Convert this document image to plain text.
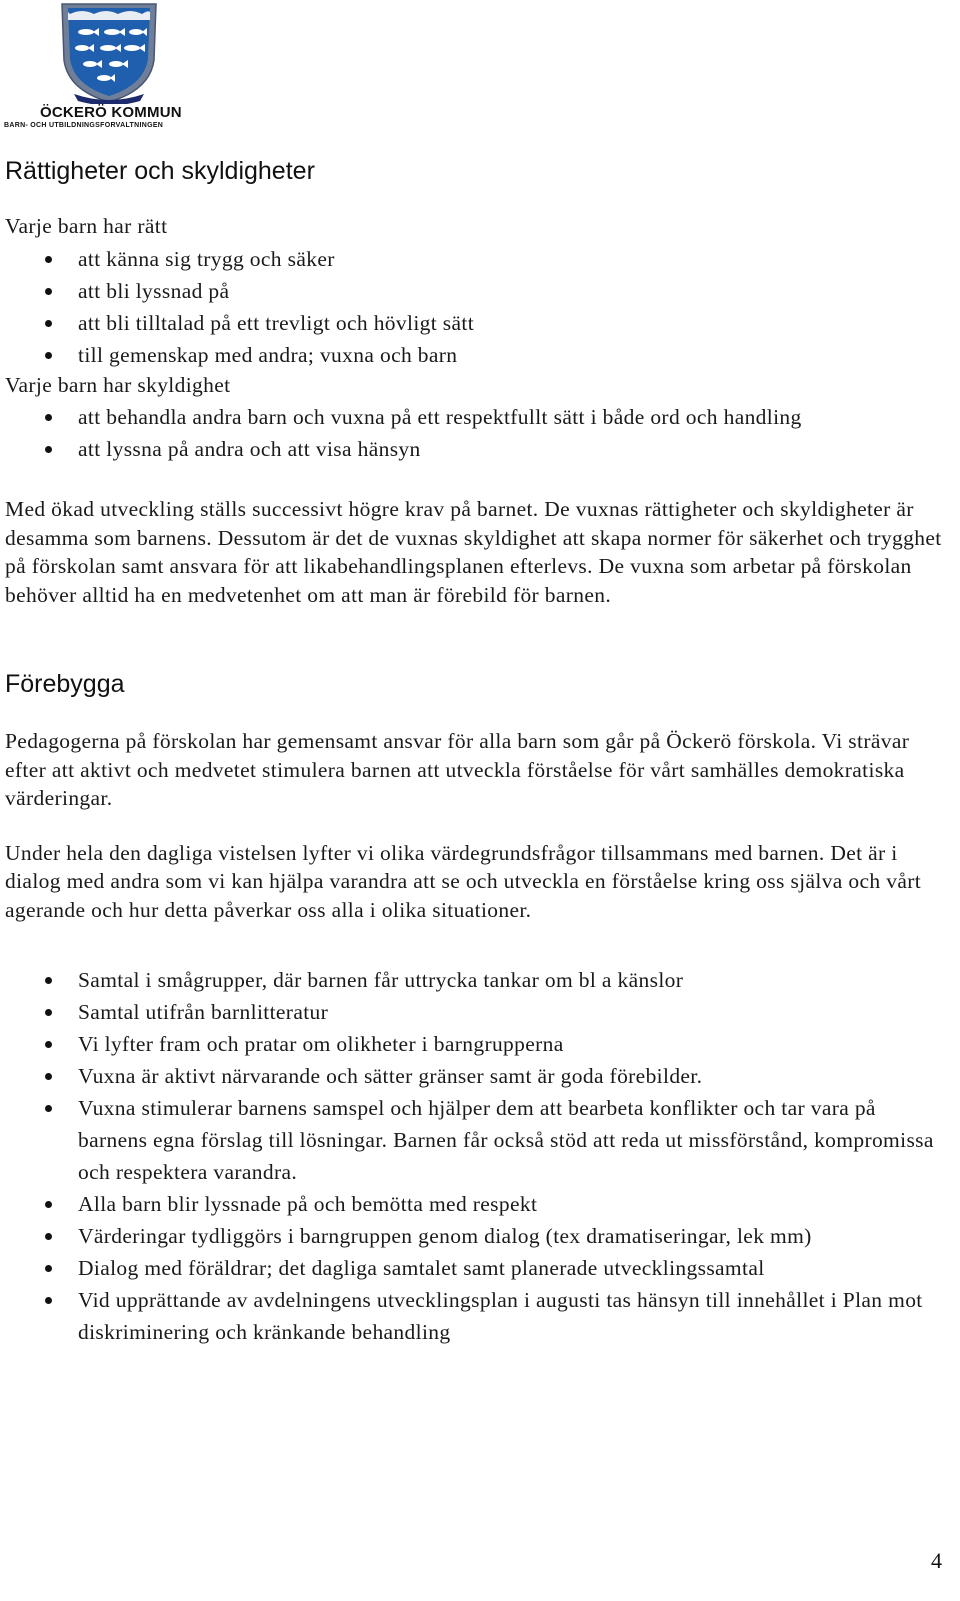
ÖCKERÖ KOMMUN
BARN- OCH UTBILDNINGSFÖRVALTNINGEN
Rättigheter och skyldigheter

Varje barn har rätt

att känna sig trygg och säker
att bli lyssnad på
att bli tilltalad på ett trevligt och hövligt sätt
till gemenskap med andra; vuxna och barn

Varje barn har skyldighet

att behandla andra barn och vuxna på ett respektfullt sätt i både ord och handling
att lyssna på andra och att visa hänsyn

Med ökad utveckling ställs successivt högre krav på barnet. De vuxnas rättigheter och skyldigheter är desamma som barnens. Dessutom är det de vuxnas skyldighet att skapa normer för säkerhet och trygghet på förskolan samt ansvara för att likabehandlingsplanen efterlevs. De vuxna som arbetar på förskolan behöver alltid ha en medvetenhet om att man är förebild för barnen.

Förebygga

Pedagogerna på förskolan har gemensamt ansvar för alla barn som går på Öckerö förskola. Vi strävar efter att aktivt och medvetet stimulera barnen att utveckla förståelse för vårt samhälles demokratiska värderingar.

Under hela den dagliga vistelsen lyfter vi olika värdegrundsfrågor tillsammans med barnen. Det är i dialog med andra som vi kan hjälpa varandra att se och utveckla en förståelse kring oss själva och vårt agerande och hur detta påverkar oss alla i olika situationer.

Samtal i smågrupper, där barnen får uttrycka tankar om bl a känslor
Samtal utifrån barnlitteratur
Vi lyfter fram och pratar om olikheter i barngrupperna
Vuxna är aktivt närvarande och sätter gränser samt är goda förebilder.
Vuxna stimulerar barnens samspel och hjälper dem att bearbeta konflikter och tar vara på barnens egna förslag till lösningar. Barnen får också stöd att reda ut missförstånd, kompromissa och respektera varandra.
Alla barn blir lyssnade på och bemötta med respekt
Värderingar tydliggörs i barngruppen genom dialog (tex dramatiseringar, lek mm)
Dialog med föräldrar; det dagliga samtalet samt planerade utvecklingssamtal
Vid upprättande av avdelningens utvecklingsplan i augusti tas hänsyn till innehållet i Plan mot diskriminering och kränkande behandling
4
